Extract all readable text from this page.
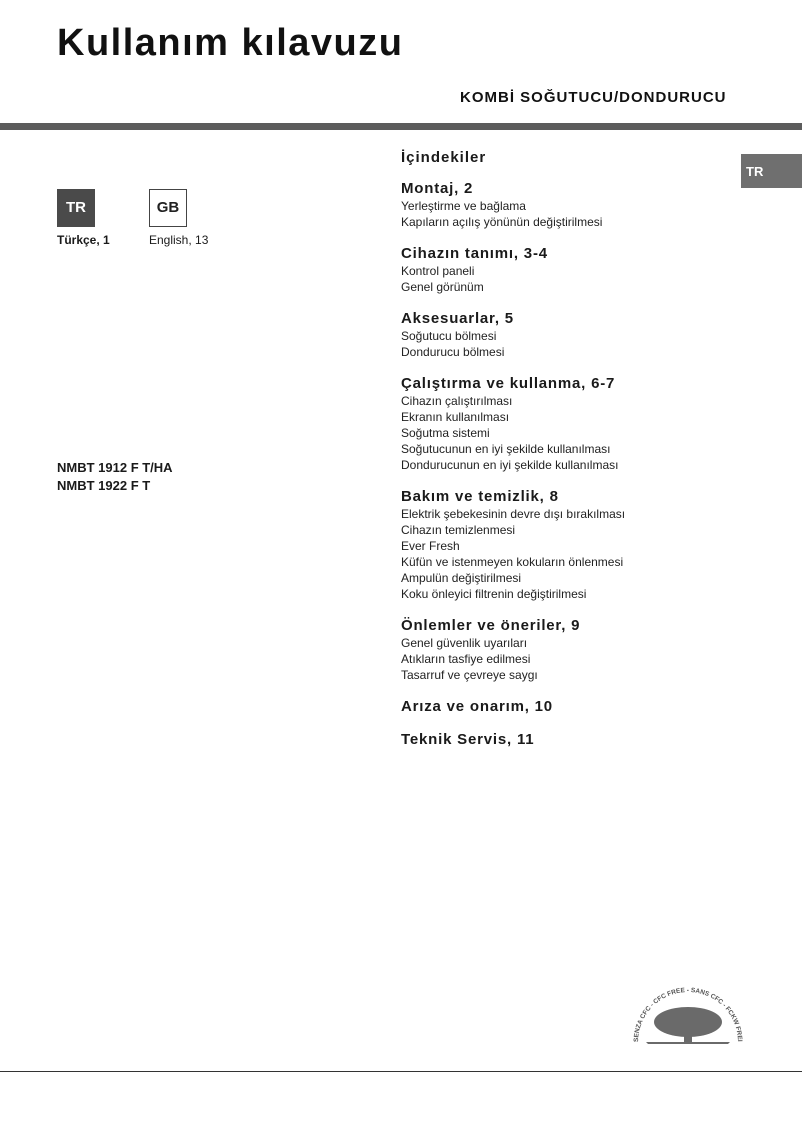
Kullanım kılavuzu
KOMBİ SOĞUTUCU/DONDURUCU
TR
TR	GB
Türkçe, 1	English, 13
NMBT 1912 F T/HA
NMBT 1922 F T
İçindekiler
Montaj, 2
Yerleştirme ve bağlama
Kapıların açılış yönünün değiştirilmesi
Cihazın tanımı, 3-4
Kontrol paneli
Genel görünüm
Aksesuarlar, 5
Soğutucu bölmesi
Dondurucu bölmesi
Çalıştırma ve kullanma, 6-7
Cihazın çalıştırılması
Ekranın kullanılması
Soğutma sistemi
Soğutucunun en iyi şekilde kullanılması
Dondurucunun en iyi şekilde kullanılması
Bakım ve temizlik, 8
Elektrik şebekesinin devre dışı bırakılması
Cihazın temizlenmesi
Ever Fresh
Küfün ve istenmeyen kokuların önlenmesi
Ampulün değiştirilmesi
Koku önleyici filtrenin değiştirilmesi
Önlemler ve öneriler, 9
Genel güvenlik uyarıları
Atıkların tasfiye edilmesi
Tasarruf ve çevreye saygı
Arıza ve onarım, 10
Teknik Servis, 11
SENZA CFC - CFC FREE - SANS CFC - FCKW FREI
